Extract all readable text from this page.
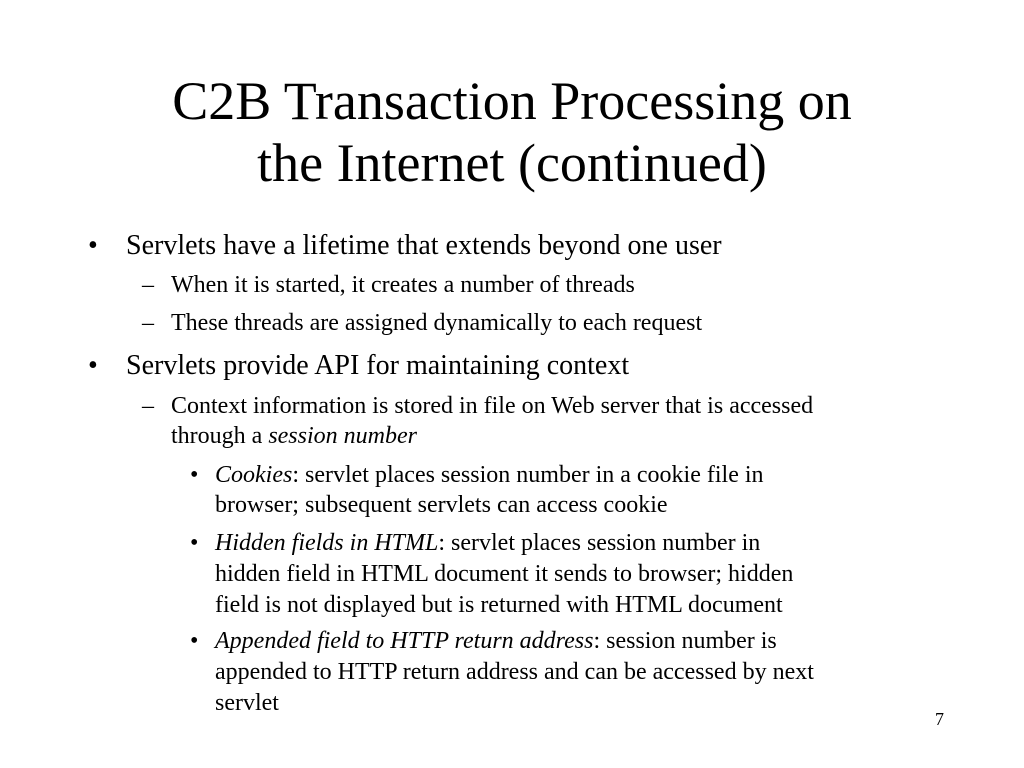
C2B Transaction Processing on
the Internet (continued)
• Servlets have a lifetime that extends beyond one user
– When it is started, it creates a number of threads
– These threads are assigned dynamically to each request
• Servlets provide API for maintaining context
– Context information is stored in file on Web server that is accessed
through a session number
• Cookies: servlet places session number in a cookie file in
browser; subsequent servlets can access cookie
• Hidden fields in HTML: servlet places session number in
hidden field in HTML document it sends to browser; hidden
field is not displayed but is returned with HTML document
• Appended field to HTTP return address: session number is
appended to HTTP return address and can be accessed by next
servlet
7
